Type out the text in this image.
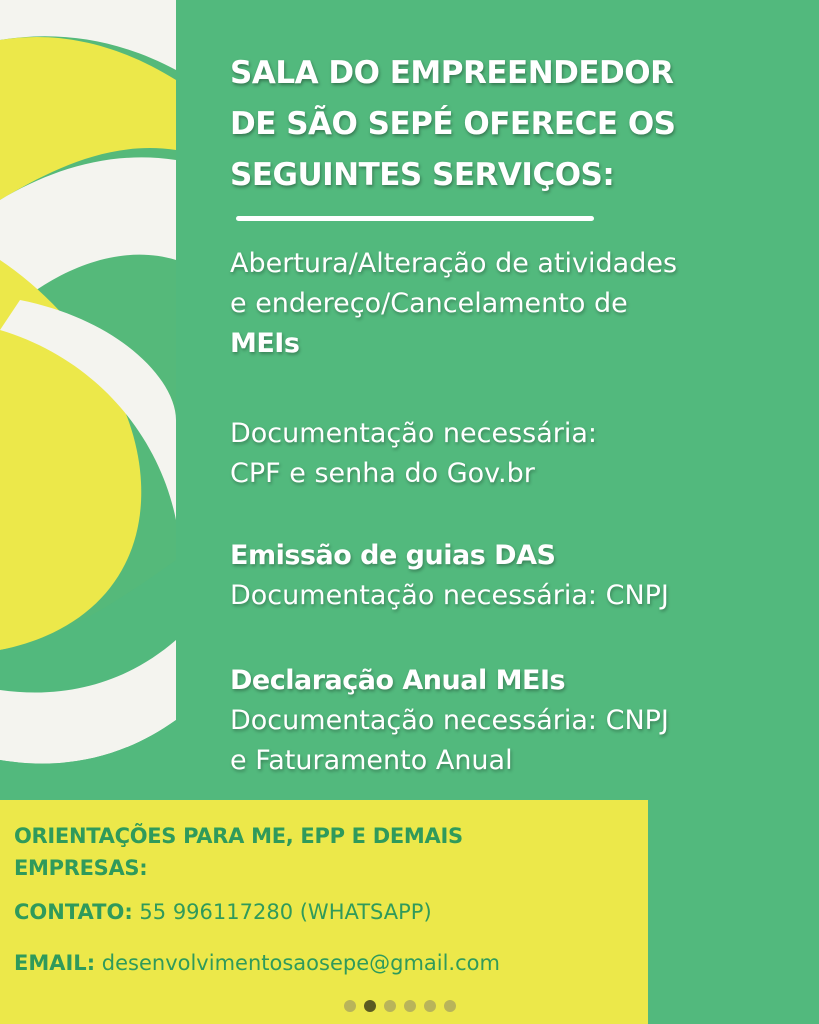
SALA DO EMPREENDEDOR
DE SÃO SEPÉ OFERECE OS
SEGUINTES SERVIÇOS:
Abertura/Alteração de atividades
e endereço/Cancelamento de
MEIs
Documentação necessária:
CPF e senha do Gov.br
Emissão de guias DAS
Documentação necessária: CNPJ
Declaração Anual MEIs
Documentação necessária: CNPJ
e Faturamento Anual
ORIENTAÇÕES PARA ME, EPP E DEMAIS
EMPRESAS:
CONTATO: 55 996117280 (WHATSAPP)
EMAIL: desenvolvimentosaosepe@gmail.com
